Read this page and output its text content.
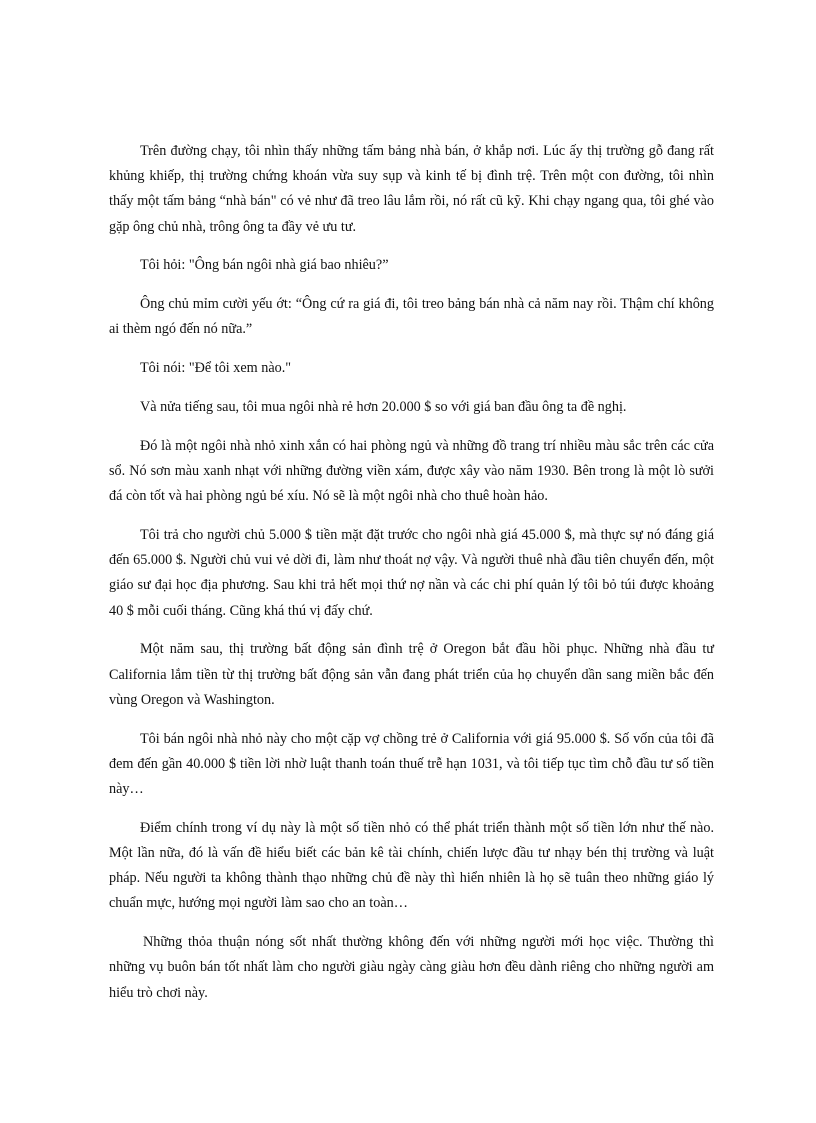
Trên đường chạy, tôi nhìn thấy những tấm bảng nhà bán, ở khắp nơi. Lúc ấy thị trường gỗ đang rất khủng khiếp, thị trường chứng khoán vừa suy sụp và kinh tế bị đình trệ. Trên một con đường, tôi nhìn thấy một tấm bảng “nhà bán" có vẻ như đã treo lâu lắm rồi, nó rất cũ kỹ. Khi chạy ngang qua, tôi ghé vào gặp ông chủ nhà, trông ông ta đầy vẻ ưu tư.

Tôi hỏi: "Ông bán ngôi nhà giá bao nhiêu?”

Ông chủ mỉm cười yếu ớt: “Ông cứ ra giá đi, tôi treo bảng bán nhà cả năm nay rồi. Thậm chí không ai thèm ngó đến nó nữa.”

Tôi nói: "Để tôi xem nào."

Và nửa tiếng sau, tôi mua ngôi nhà rẻ hơn 20.000 $ so với giá ban đầu ông ta đề nghị.

Đó là một ngôi nhà nhỏ xinh xắn có hai phòng ngủ và những đồ trang trí nhiều màu sắc trên các cửa sổ. Nó sơn màu xanh nhạt với những đường viền xám, được xây vào năm 1930. Bên trong là một lò sưởi đá còn tốt và hai phòng ngủ bé xíu. Nó sẽ là một ngôi nhà cho thuê hoàn hảo.

Tôi trả cho người chủ 5.000 $ tiền mặt đặt trước cho ngôi nhà giá 45.000 $, mà thực sự nó đáng giá đến 65.000 $. Người chủ vui vẻ dời đi, làm như thoát nợ vậy. Và người thuê nhà đầu tiên chuyển đến, một giáo sư đại học địa phương. Sau khi trả hết mọi thứ nợ nần và các chi phí quản lý tôi bỏ túi được khoảng 40 $ mỗi cuối tháng. Cũng khá thú vị đấy chứ.

Một năm sau, thị trường bất động sản đình trệ ở Oregon bắt đầu hồi phục. Những nhà đầu tư California lắm tiền từ thị trường bất động sản vẫn đang phát triển của họ chuyển dần sang miền bắc đến vùng Oregon và Washington.

Tôi bán ngôi nhà nhỏ này cho một cặp vợ chồng trẻ ở California với giá 95.000 $. Số vốn của tôi đã đem đến gần 40.000 $ tiền lời nhờ luật thanh toán thuế trễ hạn 1031, và tôi tiếp tục tìm chỗ đầu tư số tiền này…

Điểm chính trong ví dụ này là một số tiền nhỏ có thể phát triển thành một số tiền lớn như thế nào. Một lần nữa, đó là vấn đề hiểu biết các bản kê tài chính, chiến lược đầu tư nhạy bén thị trường và luật pháp. Nếu người ta không thành thạo những chủ đề này thì hiển nhiên là họ sẽ tuân theo những giáo lý chuẩn mực, hướng mọi người làm sao cho an toàn…

Những thỏa thuận nóng sốt nhất thường không đến với những người mới học việc. Thường thì những vụ buôn bán tốt nhất làm cho người giàu ngày càng giàu hơn đều dành riêng cho những người am hiểu trò chơi này.
